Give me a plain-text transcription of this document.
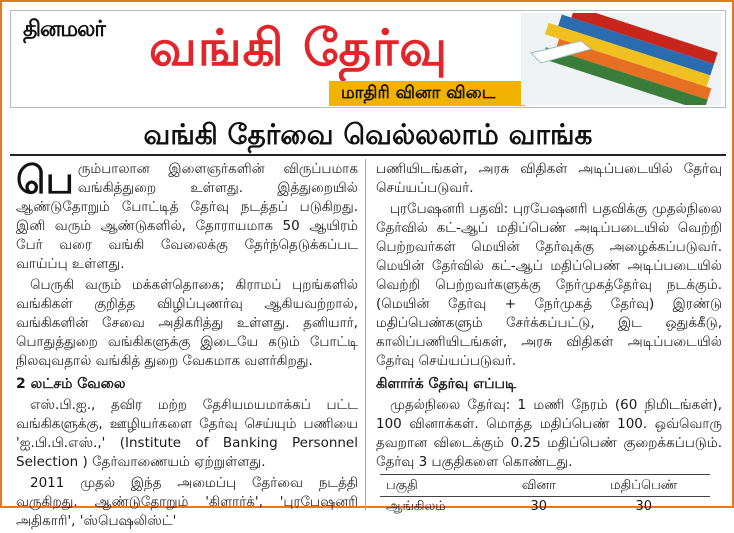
தினமலர் வங்கி தேர்வு
மாதிரி வினா விடை
வங்கி தேர்வை வெல்லலாம் வாங்க
பெ ரும்பாலான இளைஞர்களின் விருப்பமாக வங்கித்துறை உள்ளது. இத்துறையில் ஆண்டுதோறும் போட்டித் தேர்வு நடத்தப் படுகிறது. இனி வரும் ஆண்டுகளில், தோராயமாக 50 ஆயிரம் பேர் வரை வங்கி வேலைக்கு தேர்ந்தெடுக்கப்பட வாய்ப்பு உள்ளது.

பெருகி வரும் மக்கள்தொகை; கிராமப் புறங்களில் வங்கிகள் குறித்த விழிப்புணர்வு ஆகியவற்றால், வங்கிகளின் சேவை அதிகரித்து உள்ளது. தனியார், பொதுத்துறை வங்கிகளுக்கு இடையே கடும் போட்டி நிலவுவதால் வங்கித் துறை வேகமாக வளர்கிறது.

2 லட்சம் வேலை

எஸ்.பி.ஐ., தவிர மற்ற தேசியமயமாக்கப் பட்ட வங்கிகளுக்கு, ஊழியர்களை தேர்வு செய்யும் பணியை 'ஐ.பி.பி.எஸ்.,' (Institute of Banking Personnel Selection ) தேர்வாணையம் ஏற்றுள்ளது.

2011 முதல் இந்த அமைப்பு தேர்வை நடத்தி வருகிறது. ஆண்டுதோறும் 'கிளார்க்', 'புரபேஷனரி அதிகாரி', 'ஸ்பெஷலிஸ்ட்'

பணியிடங்கள், அரசு விதிகள் அடிப்படையில் தேர்வு செய்யப்படுவர்.

புரபேஷனரி பதவி: புரபேஷனரி பதவிக்கு முதல்நிலை தேர்வில் கட்-ஆப் மதிப்பெண் அடிப்படையில் வெற்றி பெற்றவர்கள் மெயின் தேர்வுக்கு அழைக்கப்படுவர். மெயின் தேர்வில் கட்-ஆப் மதிப்பெண் அடிப்படையில் வெற்றி பெற்றவர்களுக்கு நேர்முகத்தேர்வு நடக்கும். (மெயின் தேர்வு + நேர்முகத் தேர்வு) இரண்டு மதிப்பெண்களும் சேர்க்கப்பட்டு, இட ஒதுக்கீடு, காலிப்பணியிடங்கள், அரசு விதிகள் அடிப்படையில் தேர்வு செய்யப்படுவர்.

கிளார்க் தேர்வு எப்படி

முதல்நிலை தேர்வு: 1 மணி நேரம் (60 நிமிடங்கள்), 100 வினாக்கள். மொத்த மதிப்பெண் 100. ஒவ்வொரு தவறான விடைக்கும் 0.25 மதிப்பெண் குறைக்கப்படும். தேர்வு 3 பகுதிகளை கொண்டது.

பகுதி	வினா	மதிப்பெண்
ஆங்கிலம்	30	30
